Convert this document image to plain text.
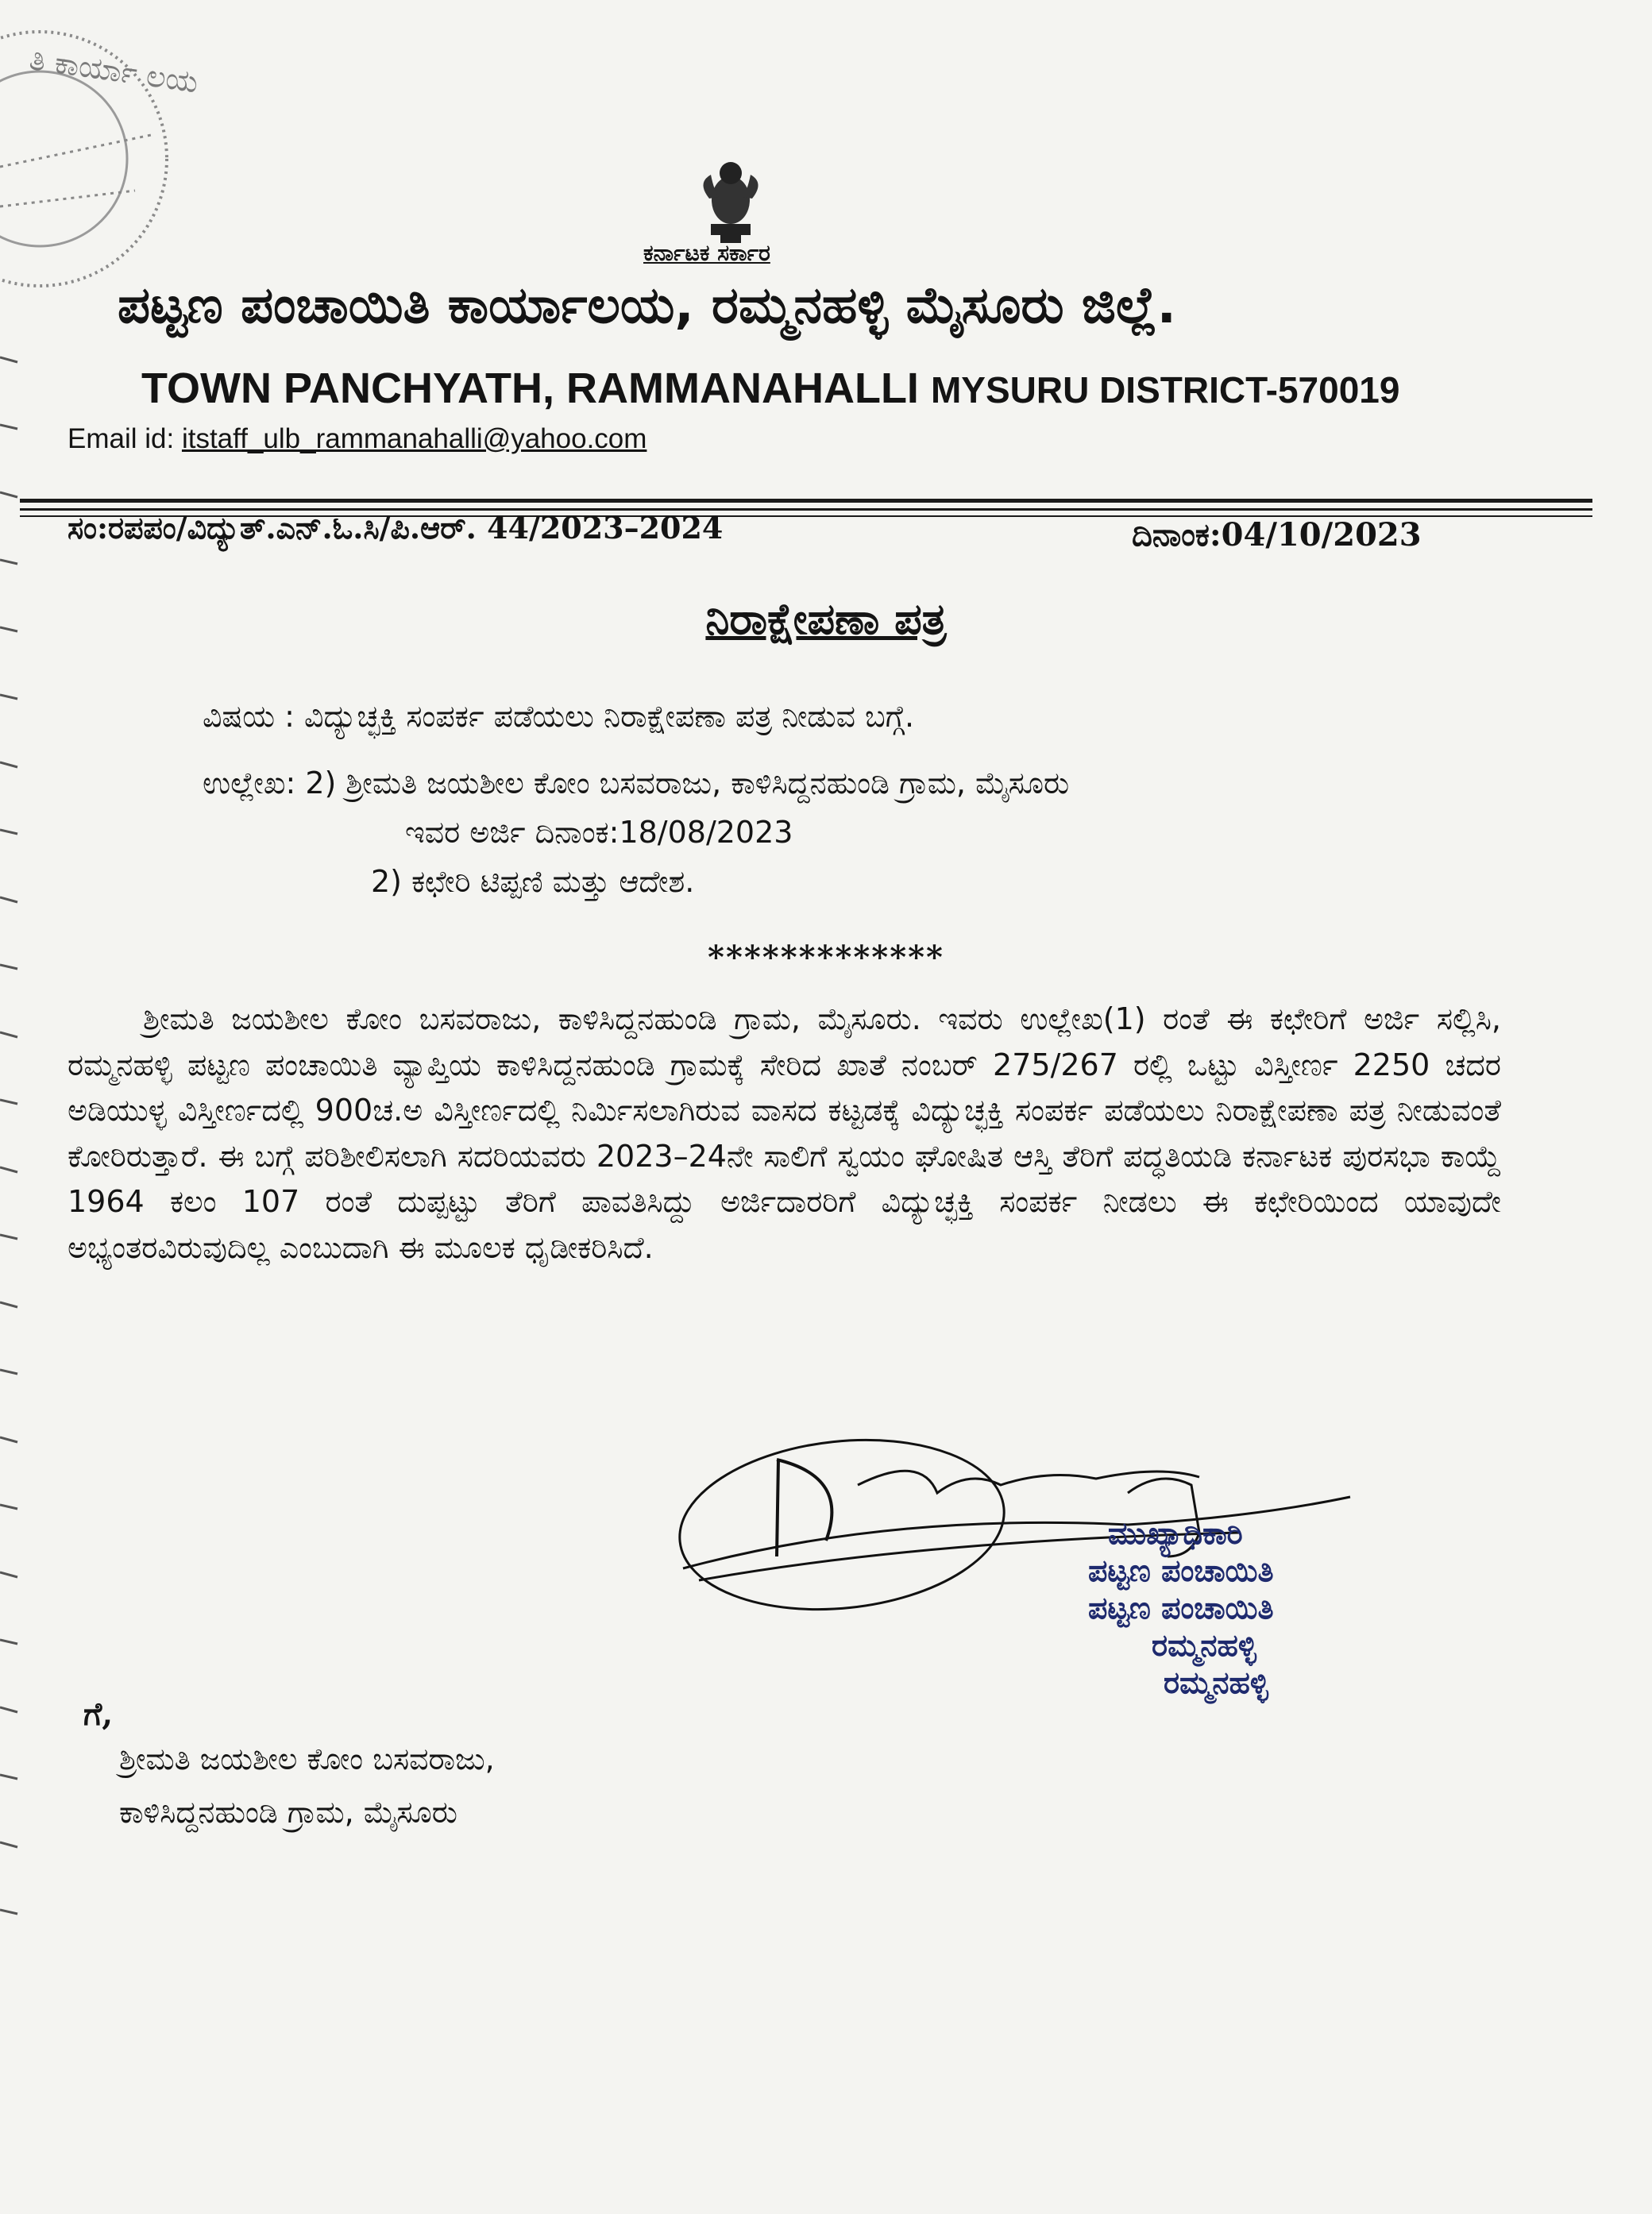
ತಿ ಕಾರ್ಯಾ ಲಯ
ಕರ್ನಾಟಕ ಸರ್ಕಾರ
ಪಟ್ಟಣ ಪಂಚಾಯಿತಿ ಕಾರ್ಯಾಲಯ, ರಮ್ಮನಹಳ್ಳಿ ಮೈಸೂರು ಜಿಲ್ಲೆ.
TOWN PANCHYATH, RAMMANAHALLI MYSURU DISTRICT-570019
Email id: itstaff_ulb_rammanahalli@yahoo.com
ಸಂ:ರಪಪಂ/ವಿದ್ಯುತ್.ಎನ್.ಓ.ಸಿ/ಪಿ.ಆರ್. 44/2023–2024	ದಿನಾಂಕ:04/10/2023
ನಿರಾಕ್ಷೇಪಣಾ ಪತ್ರ
ವಿಷಯ : ವಿದ್ಯುಚ್ಛಕ್ತಿ ಸಂಪರ್ಕ ಪಡೆಯಲು ನಿರಾಕ್ಷೇಪಣಾ ಪತ್ರ ನೀಡುವ ಬಗ್ಗೆ.
ಉಲ್ಲೇಖ: 2) ಶ್ರೀಮತಿ ಜಯಶೀಲ ಕೋಂ ಬಸವರಾಜು, ಕಾಳಿಸಿದ್ದನಹುಂಡಿ ಗ್ರಾಮ, ಮೈಸೂರು
ಇವರ ಅರ್ಜಿ ದಿನಾಂಕ:18/08/2023
2) ಕಛೇರಿ ಟಿಪ್ಪಣಿ ಮತ್ತು ಆದೇಶ.
*************

ಶ್ರೀಮತಿ ಜಯಶೀಲ ಕೋಂ ಬಸವರಾಜು, ಕಾಳಿಸಿದ್ದನಹುಂಡಿ ಗ್ರಾಮ, ಮೈಸೂರು. ಇವರು ಉಲ್ಲೇಖ(1) ರಂತೆ ಈ ಕಛೇರಿಗೆ ಅರ್ಜಿ ಸಲ್ಲಿಸಿ, ರಮ್ಮನಹಳ್ಳಿ ಪಟ್ಟಣ ಪಂಚಾಯಿತಿ ವ್ಯಾಪ್ತಿಯ ಕಾಳಿಸಿದ್ದನಹುಂಡಿ ಗ್ರಾಮಕ್ಕೆ ಸೇರಿದ ಖಾತೆ ನಂಬರ್ 275/267 ರಲ್ಲಿ ಒಟ್ಟು ವಿಸ್ತೀರ್ಣ 2250 ಚದರ ಅಡಿಯುಳ್ಳ ವಿಸ್ತೀರ್ಣದಲ್ಲಿ 900ಚ.ಅ ವಿಸ್ತೀರ್ಣದಲ್ಲಿ ನಿರ್ಮಿಸಲಾಗಿರುವ ವಾಸದ ಕಟ್ಟಡಕ್ಕೆ ವಿದ್ಯುಚ್ಛಕ್ತಿ ಸಂಪರ್ಕ ಪಡೆಯಲು ನಿರಾಕ್ಷೇಪಣಾ ಪತ್ರ ನೀಡುವಂತೆ ಕೋರಿರುತ್ತಾರೆ. ಈ ಬಗ್ಗೆ ಪರಿಶೀಲಿಸಲಾಗಿ ಸದರಿಯವರು 2023–24ನೇ ಸಾಲಿಗೆ ಸ್ವಯಂ ಘೋಷಿತ ಆಸ್ತಿ ತೆರಿಗೆ ಪದ್ಧತಿಯಡಿ ಕರ್ನಾಟಕ ಪುರಸಭಾ ಕಾಯ್ದೆ 1964 ಕಲಂ 107 ರಂತೆ ದುಪ್ಪಟ್ಟು ತೆರಿಗೆ ಪಾವತಿಸಿದ್ದು ಅರ್ಜಿದಾರರಿಗೆ ವಿದ್ಯುಚ್ಛಕ್ತಿ ಸಂಪರ್ಕ ನೀಡಲು ಈ ಕಛೇರಿಯಿಂದ ಯಾವುದೇ ಅಭ್ಯಂತರವಿರುವುದಿಲ್ಲ ಎಂಬುದಾಗಿ ಈ ಮೂಲಕ ಧೃಡೀಕರಿಸಿದೆ.

ಮುಖ್ಯಾಧಿಕಾರಿ
ಪಟ್ಟಣ ಪಂಚಾಯಿತಿ
ಪಟ್ಟಣ ಪಂಚಾಯಿತಿ
ರಮ್ಮನಹಳ್ಳಿ
ರಮ್ಮನಹಳ್ಳಿ
ಗೆ,
ಶ್ರೀಮತಿ ಜಯಶೀಲ ಕೋಂ ಬಸವರಾಜು,
ಕಾಳಿಸಿದ್ದನಹುಂಡಿ ಗ್ರಾಮ, ಮೈಸೂರು
